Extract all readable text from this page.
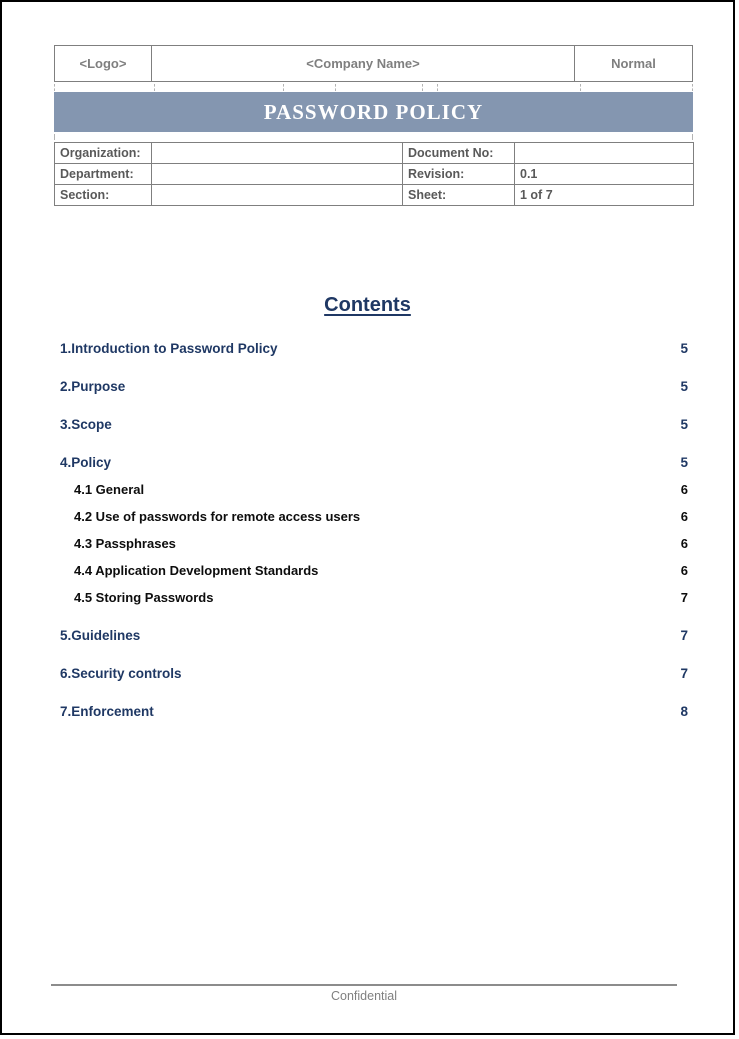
<Logo>	<Company Name>	Normal
PASSWORD POLICY
Organization:		Document No:	
Department:		Revision:	0.1
Section:		Sheet:	1 of 7
Contents
1.Introduction to Password Policy	5
2.Purpose	5
3.Scope	5
4.Policy	5
4.1 General	6
4.2 Use of passwords for remote access users	6
4.3 Passphrases	6
4.4 Application Development Standards	6
4.5 Storing Passwords	7
5.Guidelines	7
6.Security controls	7
7.Enforcement	8
Confidential
